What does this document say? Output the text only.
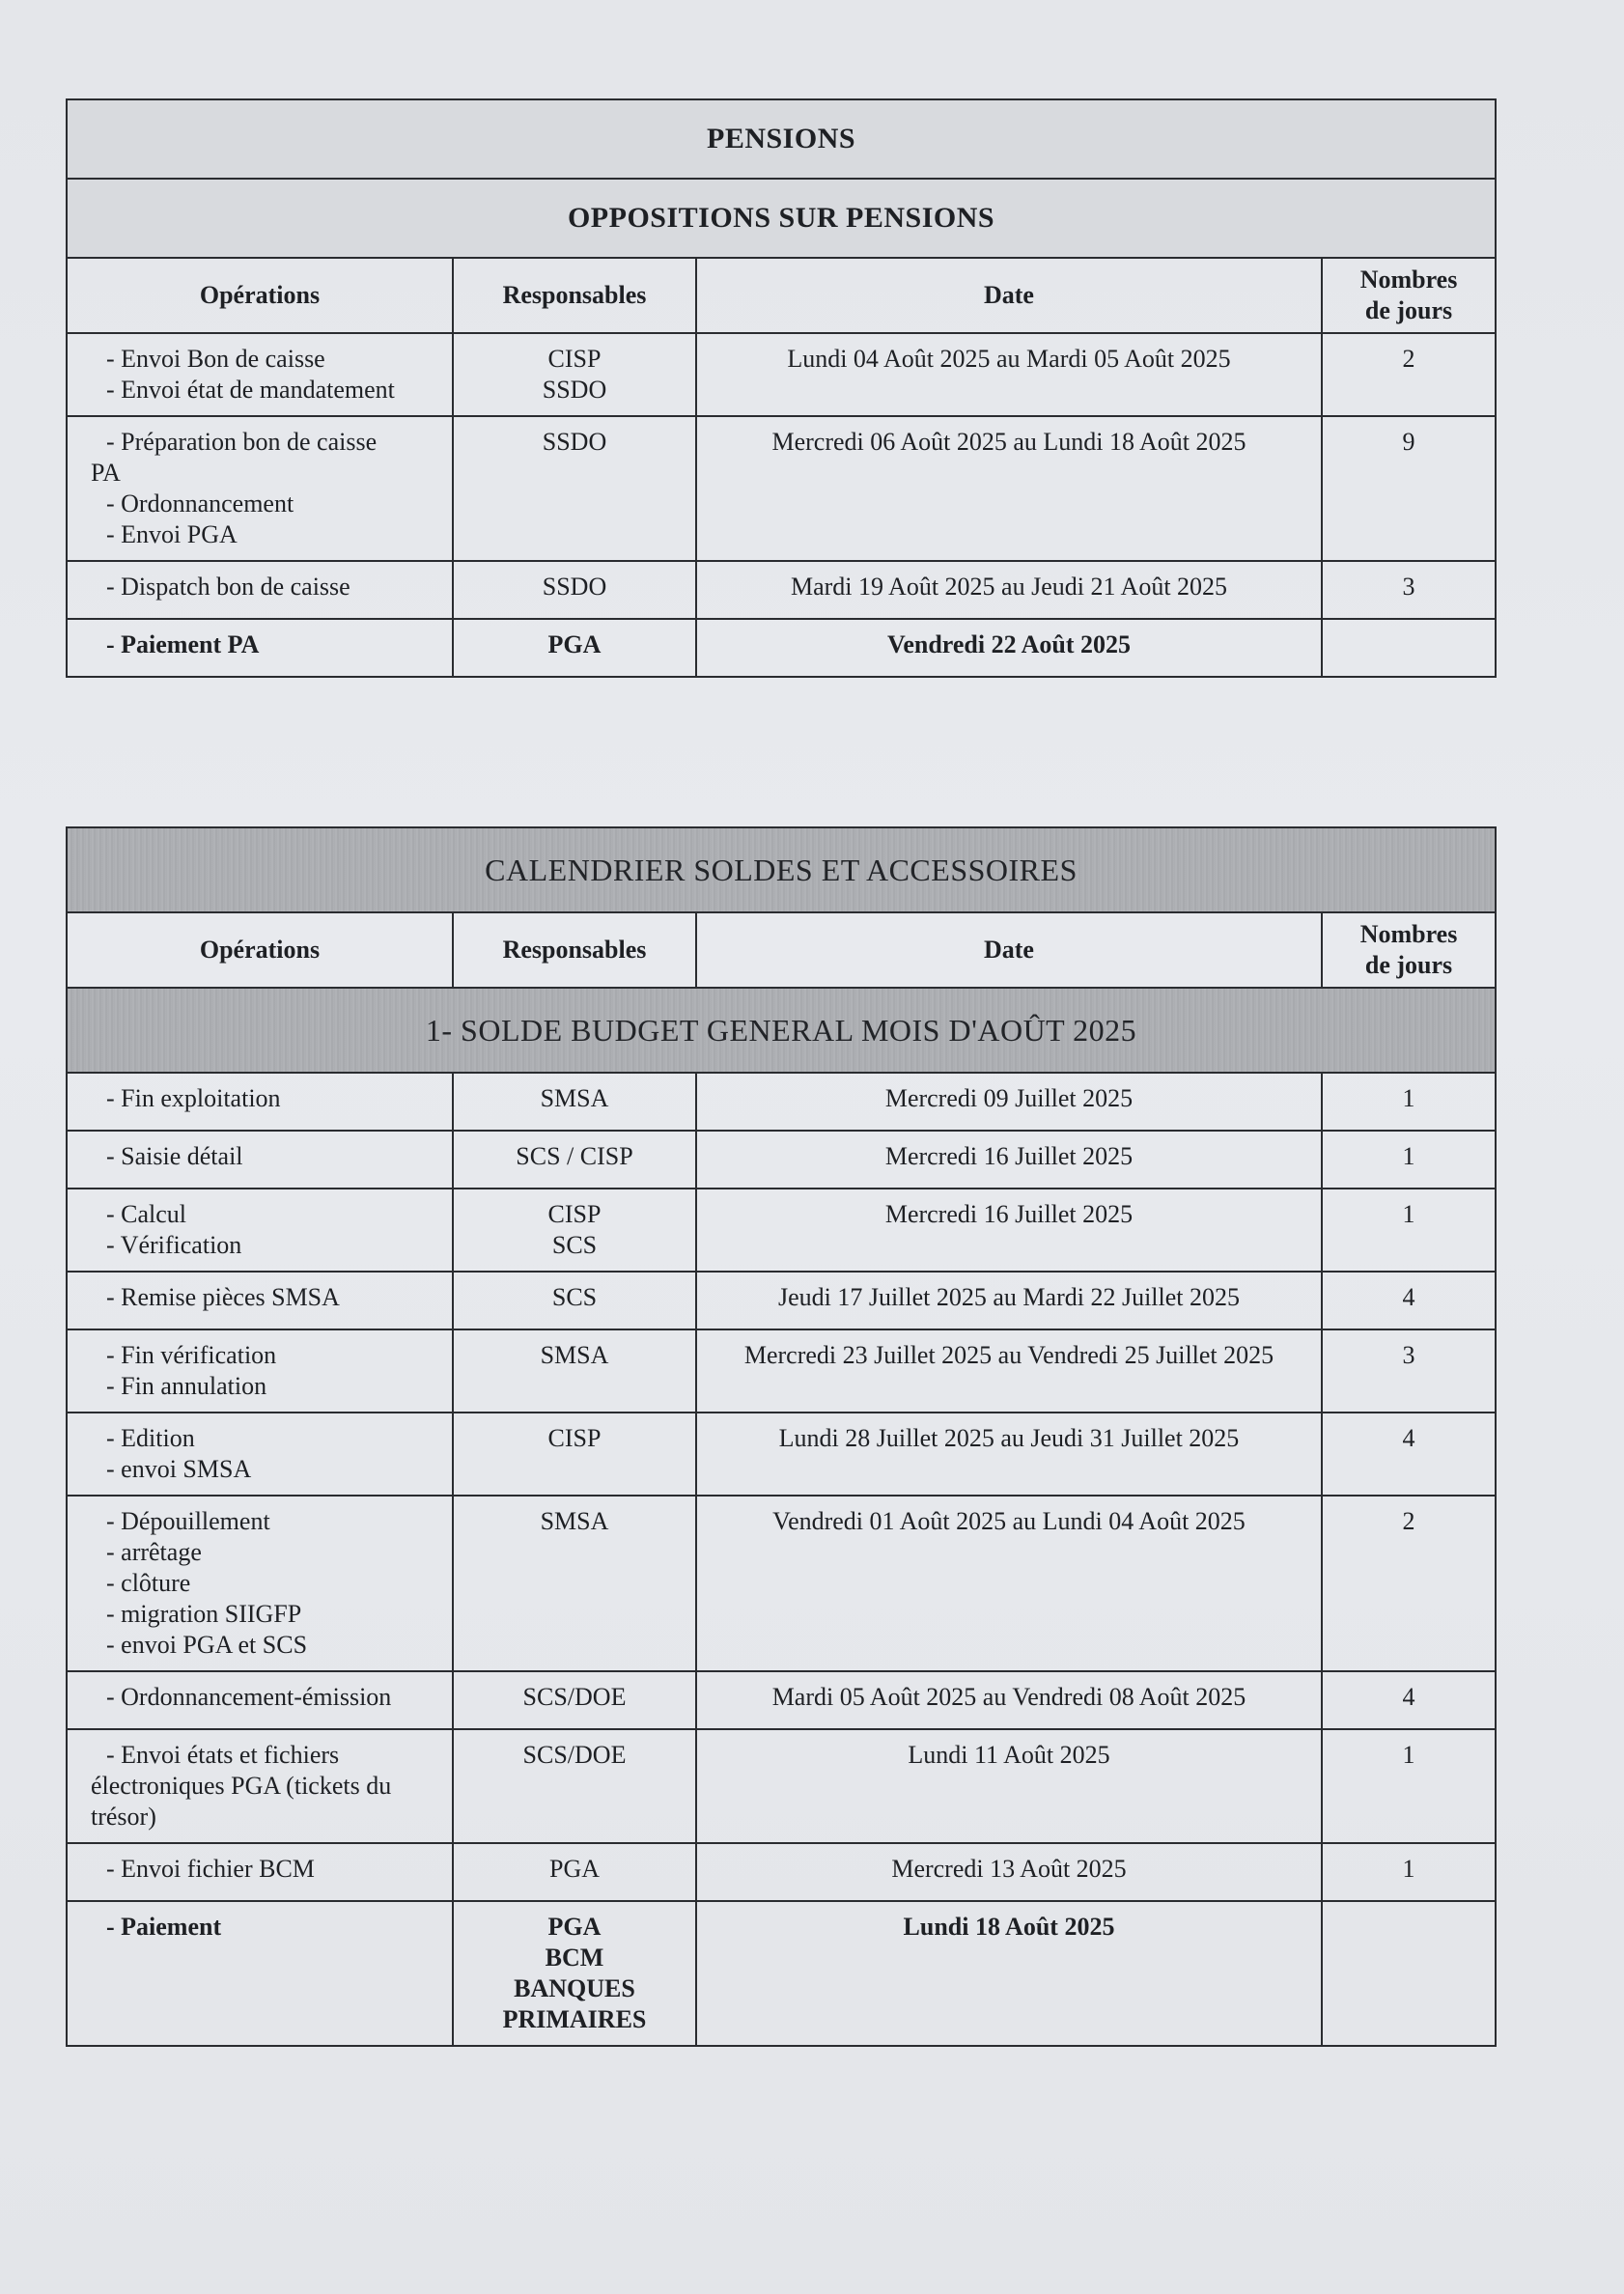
PENSIONS			
OPPOSITIONS SUR PENSIONS			
Opérations	Responsables	Date	Nombres
de jours

- Envoi Bon de caisse
- Envoi état de mandatement	CISP
SSDO	Lundi 04 Août 2025 au Mardi 05 Août 2025	2

- Préparation bon de caisse
PA
- Ordonnancement
- Envoi PGA	SSDO	Mercredi 06 Août 2025 au Lundi 18 Août 2025	9

- Dispatch bon de caisse	SSDO	Mardi 19 Août 2025 au Jeudi 21 Août 2025	3

- Paiement PA	PGA	Vendredi 22 Août 2025	
CALENDRIER SOLDES ET ACCESSOIRES			
Opérations	Responsables	Date	Nombres
de jours

1- SOLDE BUDGET GENERAL MOIS D'AOÛT 2025			

- Fin exploitation	SMSA	Mercredi 09 Juillet 2025	1

- Saisie détail	SCS / CISP	Mercredi 16 Juillet 2025	1

- Calcul
- Vérification	CISP
SCS	Mercredi 16 Juillet 2025	1

- Remise pièces SMSA	SCS	Jeudi 17 Juillet 2025 au Mardi 22 Juillet 2025	4

- Fin vérification
- Fin annulation	SMSA	Mercredi 23 Juillet 2025 au Vendredi 25 Juillet 2025	3

- Edition
- envoi SMSA	CISP	Lundi 28 Juillet 2025 au Jeudi 31 Juillet 2025	4

- Dépouillement
- arrêtage
- clôture
- migration SIIGFP
- envoi PGA et SCS	SMSA	Vendredi 01 Août 2025 au Lundi 04 Août 2025	2

- Ordonnancement-émission	SCS/DOE	Mardi 05 Août 2025 au Vendredi 08 Août 2025	4

- Envoi états et fichiers
électroniques PGA (tickets du
trésor)	SCS/DOE	Lundi 11 Août 2025	1

- Envoi fichier BCM	PGA	Mercredi 13 Août 2025	1

- Paiement	PGA
BCM
BANQUES
PRIMAIRES	Lundi 18 Août 2025	
